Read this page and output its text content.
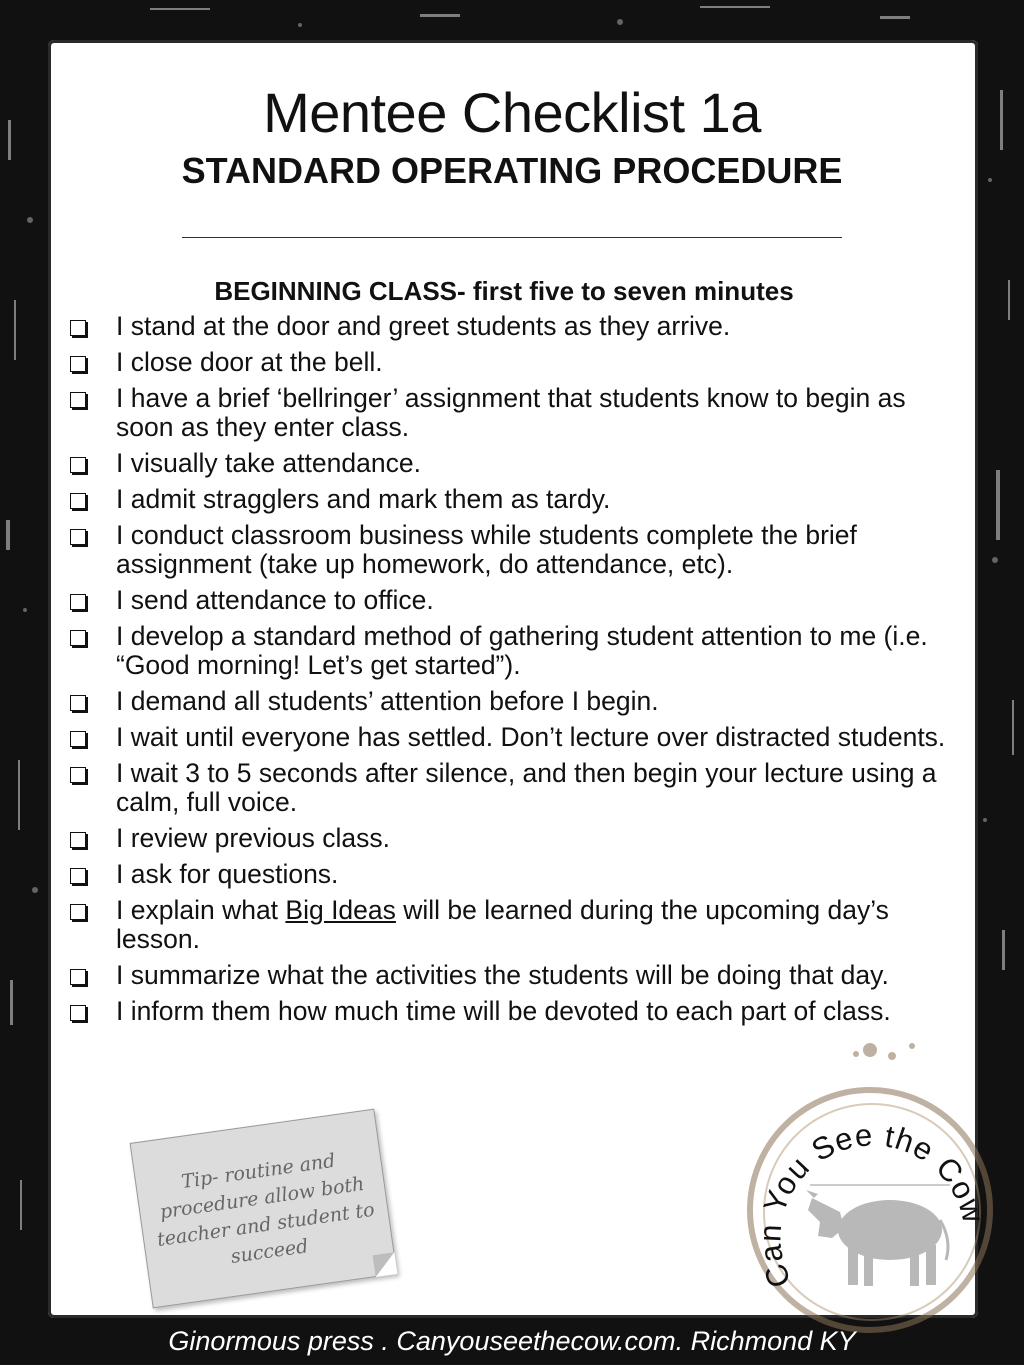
Mentee Checklist 1a
STANDARD OPERATING PROCEDURE
BEGINNING CLASS- first five to seven minutes
I stand at the door and greet students as they arrive.
I close door at the bell.
I have a brief ‘bellringer’ assignment that students know to begin as soon as they enter class.
I visually take attendance.
I admit stragglers and mark them as tardy.
I conduct classroom business while students complete the brief assignment (take up homework, do attendance, etc).
I send attendance to office.
I develop a standard method of gathering student attention to me (i.e. “Good morning! Let’s get started”).
I demand all students’ attention before I begin.
I wait until everyone has settled. Don’t lecture over distracted students.
I wait 3 to 5 seconds after silence, and then begin your lecture using a calm, full voice.
I review previous class.
I ask for questions.
I explain what Big Ideas will be learned during the upcoming day’s lesson.
I summarize what the activities the students will be doing that day.
I inform them how much time will be devoted to each part of class.
Tip- routine and procedure allow both teacher and student to succeed
Can You See the Cow
Ginormous press . Canyouseethecow.com. Richmond KY
